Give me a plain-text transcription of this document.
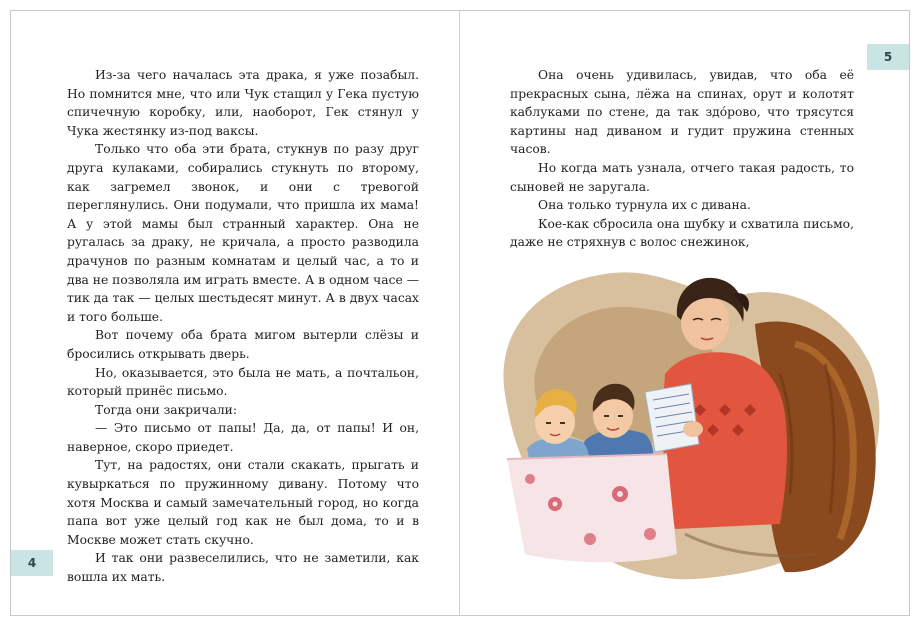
Из-за чего началась эта драка, я уже позабыл. Но помнится мне, что или Чук стащил у Гека пустую спичечную коробку, или, наоборот, Гек стянул у Чука жестянку из-под ваксы.

Только что оба эти брата, стукнув по разу друг друга кулаками, собирались стукнуть по второму, как загремел звонок, и они с тревогой переглянулись. Они подумали, что пришла их мама! А у этой мамы был странный характер. Она не ругалась за драку, не кричала, а просто разводила драчунов по разным комнатам и целый час, а то и два не позволяла им играть вместе. А в одном часе — тик да так — целых шестьдесят минут. А в двух часах и того больше.

Вот почему оба брата мигом вытерли слёзы и бросились открывать дверь.

Но, оказывается, это была не мать, а почтальон, который принёс письмо.

Тогда они закричали:

— Это письмо от папы! Да, да, от папы! И он, наверное, скоро приедет.

Тут, на радостях, они стали скакать, прыгать и кувыркаться по пружинному дивану. Потому что хотя Москва и самый замечательный город, но когда папа вот уже целый год как не был дома, то и в Москве может стать скучно.

И так они развеселились, что не заметили, как вошла их мать.

4
5

Она очень удивилась, увидав, что оба её прекрасных сына, лёжа на спинах, орут и колотят каблуками по стене, да так здо́рово, что трясутся картины над диваном и гудит пружина стенных часов.

Но когда мать узнала, отчего такая радость, то сыновей не заругала.

Она только турнула их с дивана.

Кое-как сбросила она шубку и схватила письмо, даже не стряхнув с волос снежинок,
